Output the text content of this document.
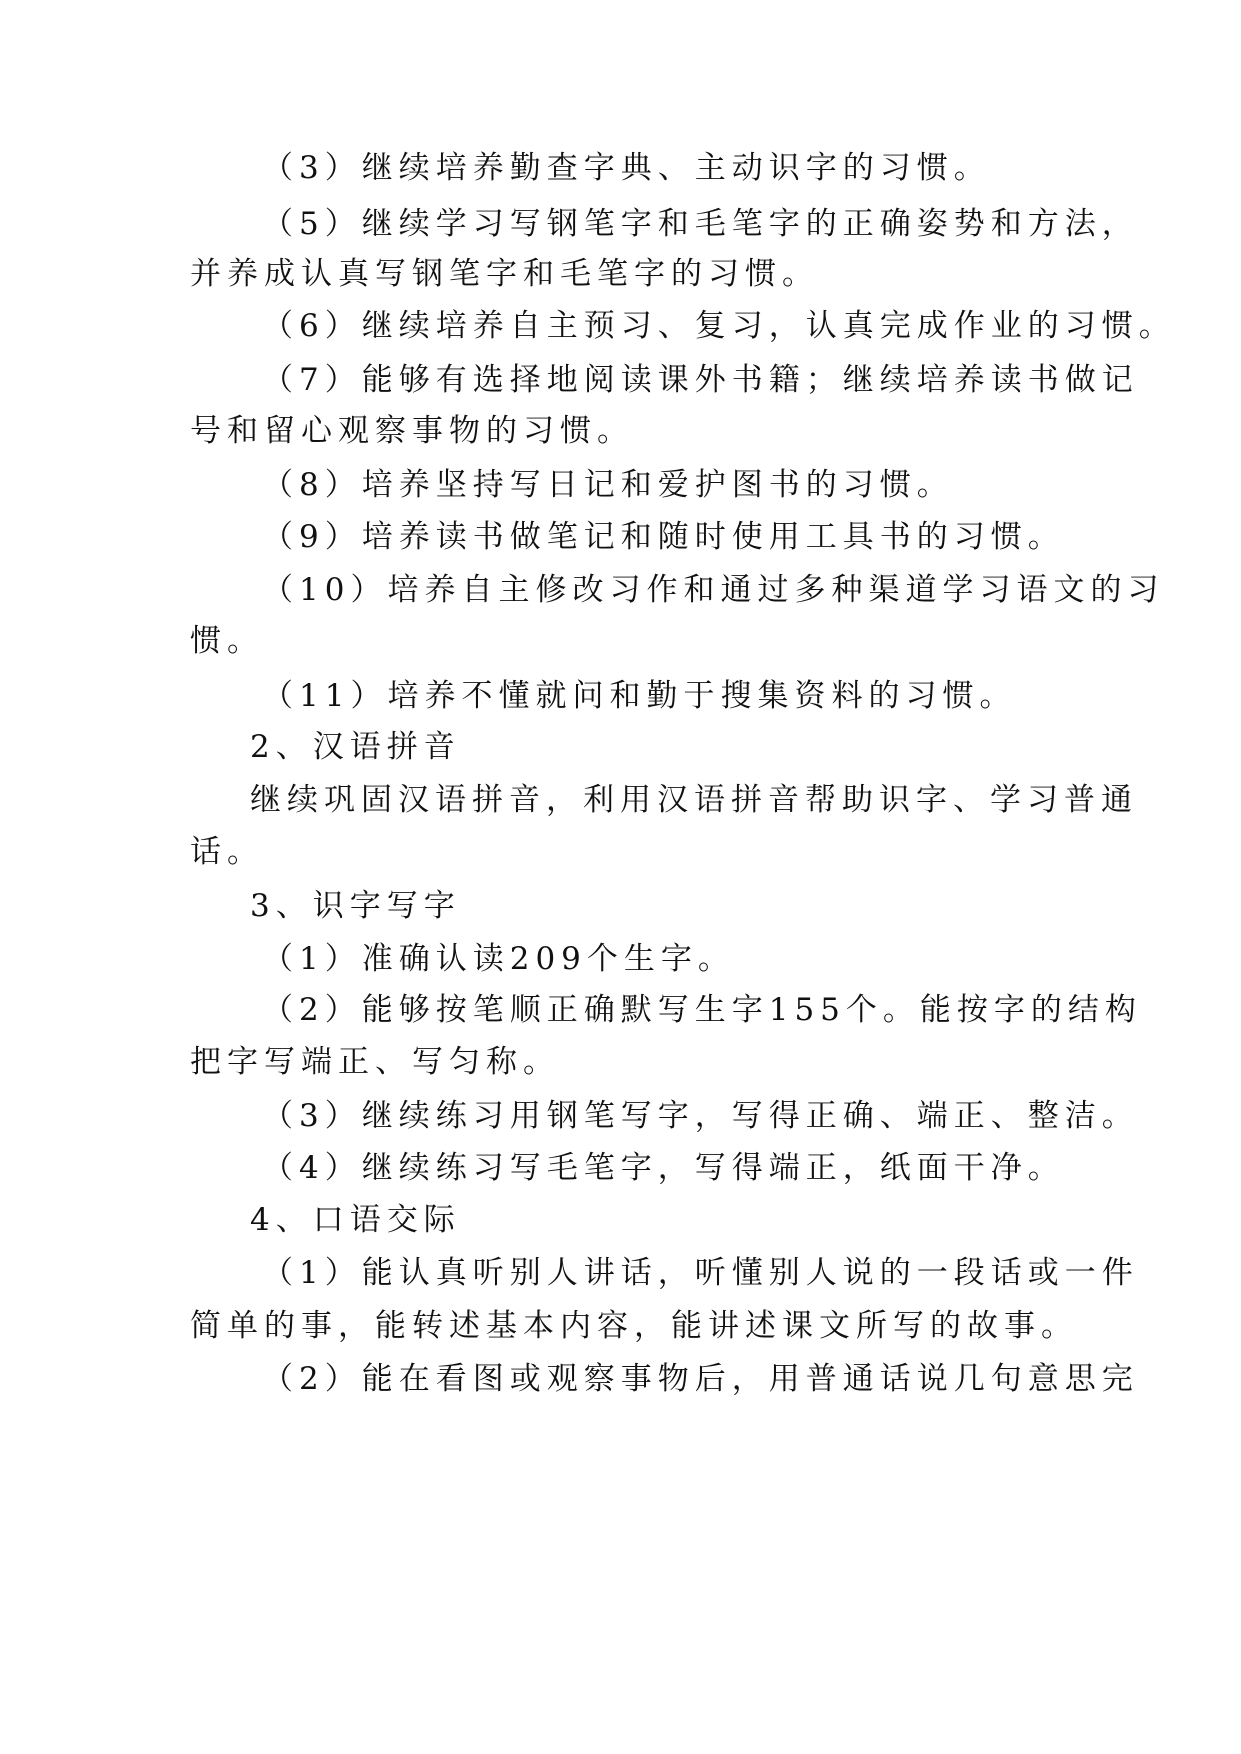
（3）继续培养勤查字典、主动识字的习惯。
（5）继续学习写钢笔字和毛笔字的正确姿势和方法，
并养成认真写钢笔字和毛笔字的习惯。
（6）继续培养自主预习、复习，认真完成作业的习惯。
（7）能够有选择地阅读课外书籍；继续培养读书做记
号和留心观察事物的习惯。
（8）培养坚持写日记和爱护图书的习惯。
（9）培养读书做笔记和随时使用工具书的习惯。
（10）培养自主修改习作和通过多种渠道学习语文的习
惯。
（11）培养不懂就问和勤于搜集资料的习惯。
2、汉语拼音
继续巩固汉语拼音，利用汉语拼音帮助识字、学习普通
话。
3、识字写字
（1）准确认读209个生字。
（2）能够按笔顺正确默写生字155个。能按字的结构
把字写端正、写匀称。
（3）继续练习用钢笔写字，写得正确、端正、整洁。
（4）继续练习写毛笔字，写得端正，纸面干净。
4、口语交际
（1）能认真听别人讲话，听懂别人说的一段话或一件
简单的事，能转述基本内容，能讲述课文所写的故事。
（2）能在看图或观察事物后，用普通话说几句意思完
